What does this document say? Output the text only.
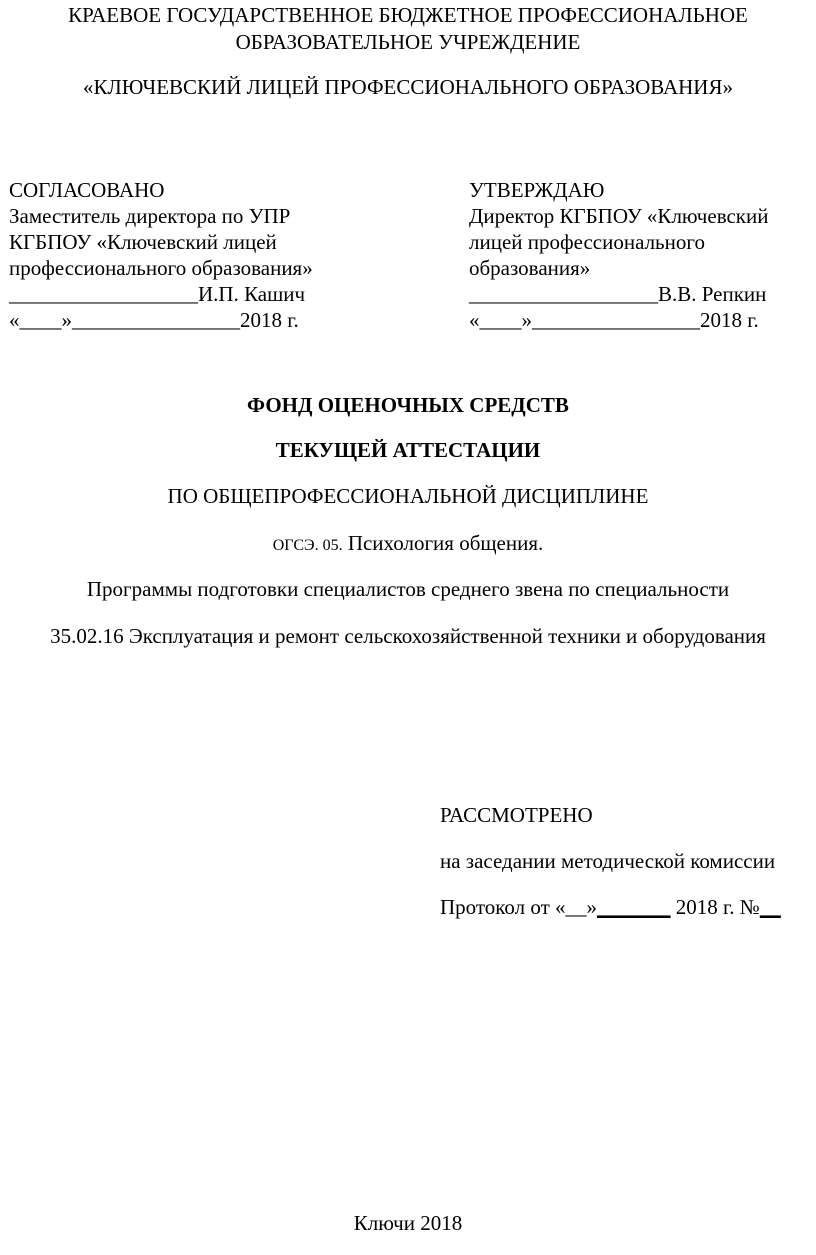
КРАЕВОЕ ГОСУДАРСТВЕННОЕ БЮДЖЕТНОЕ ПРОФЕССИОНАЛЬНОЕ
ОБРАЗОВАТЕЛЬНОЕ УЧРЕЖДЕНИЕ
«КЛЮЧЕВСКИЙ ЛИЦЕЙ ПРОФЕССИОНАЛЬНОГО ОБРАЗОВАНИЯ»
СОГЛАСОВАНО
Заместитель директора по УПР
КГБПОУ «Ключевский лицей
профессионального образования»
__________________И.П. Кашич
«____»________________2018 г.
УТВЕРЖДАЮ
Директор КГБПОУ «Ключевский
лицей профессионального
образования»
__________________В.В. Репкин
«____»________________2018 г.
ФОНД ОЦЕНОЧНЫХ СРЕДСТВ
ТЕКУЩЕЙ АТТЕСТАЦИИ
ПО ОБЩЕПРОФЕССИОНАЛЬНОЙ ДИСЦИПЛИНЕ
ОГСЭ. 05. Психология общения.
Программы подготовки специалистов среднего звена по специальности
35.02.16 Эксплуатация и ремонт сельскохозяйственной техники и оборудования
РАССМОТРЕНО
на заседании методической комиссии
Протокол от «__»_______ 2018 г. №__
Ключи 2018
